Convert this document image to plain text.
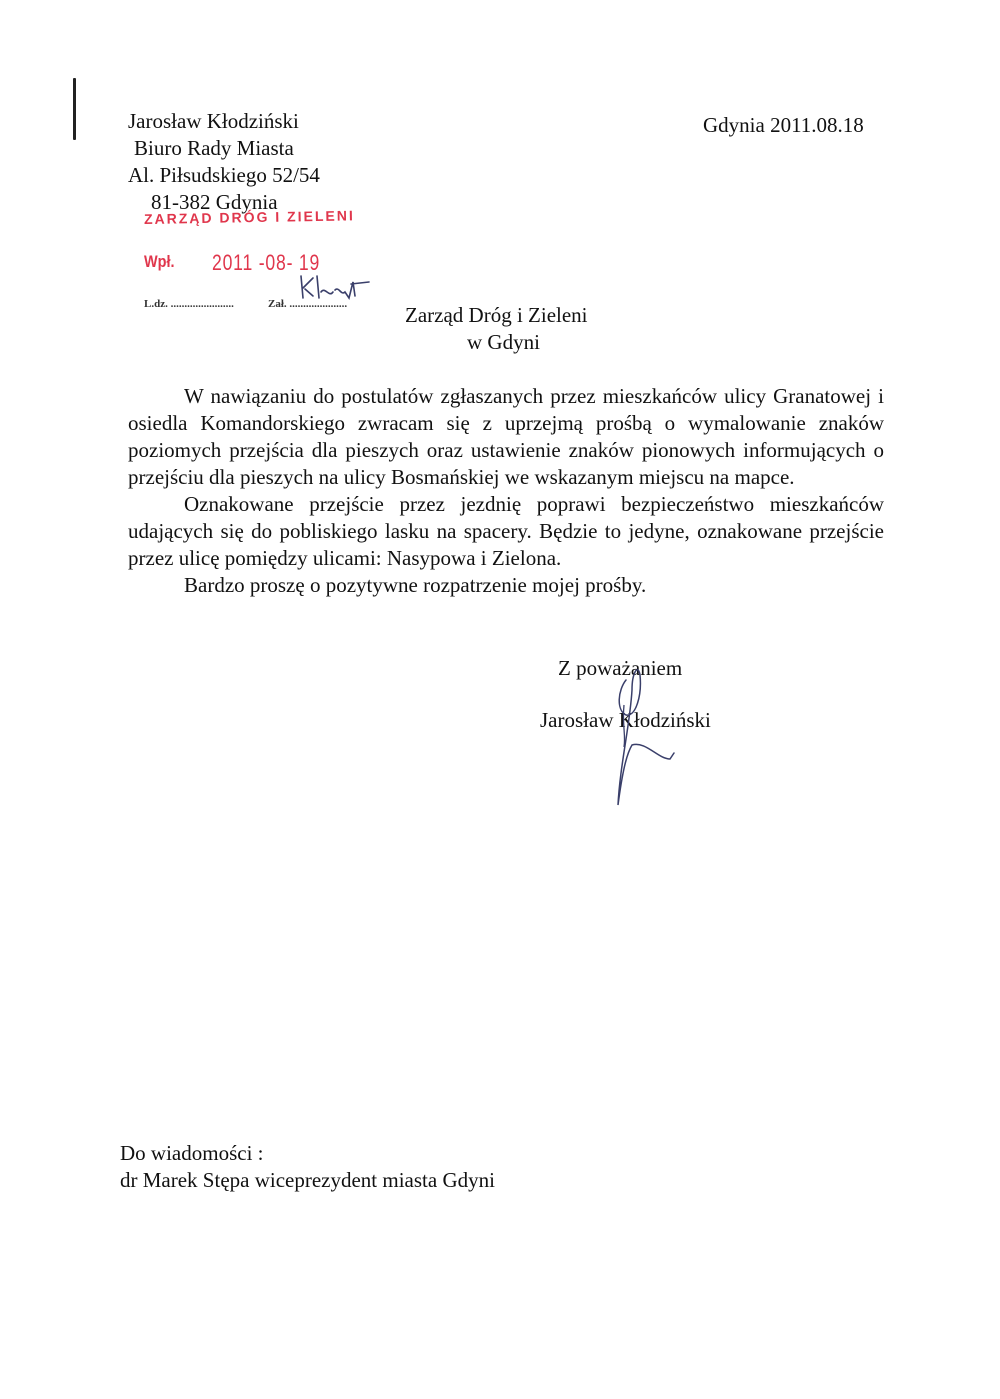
Jarosław Kłodziński
Biuro Rady Miasta
Al. Piłsudskiego 52/54
81-382 Gdynia
Gdynia 2011.08.18
ZARZĄD DRÓG I ZIELENI
Wpł. 2011 -08- 19
L.dz. .......................	Zał. .....................	Zarząd Dróg i Zieleni
w Gdyni

W nawiązaniu do postulatów zgłaszanych przez mieszkańców ulicy Granatowej i osiedla Komandorskiego zwracam się z uprzejmą prośbą o wymalowanie znaków poziomych przejścia dla pieszych oraz ustawienie znaków pionowych informujących o przejściu dla pieszych na ulicy Bosmańskiej we wskazanym miejscu na mapce.

Oznakowane przejście przez jezdnię poprawi bezpieczeństwo mieszkańców udających się do pobliskiego lasku na spacery. Będzie to jedyne, oznakowane przejście przez ulicę pomiędzy ulicami: Nasypowa i Zielona.

Bardzo proszę o pozytywne rozpatrzenie mojej prośby.

Z poważaniem
Jarosław Kłodziński
Do wiadomości :
dr Marek Stępa wiceprezydent miasta Gdyni
